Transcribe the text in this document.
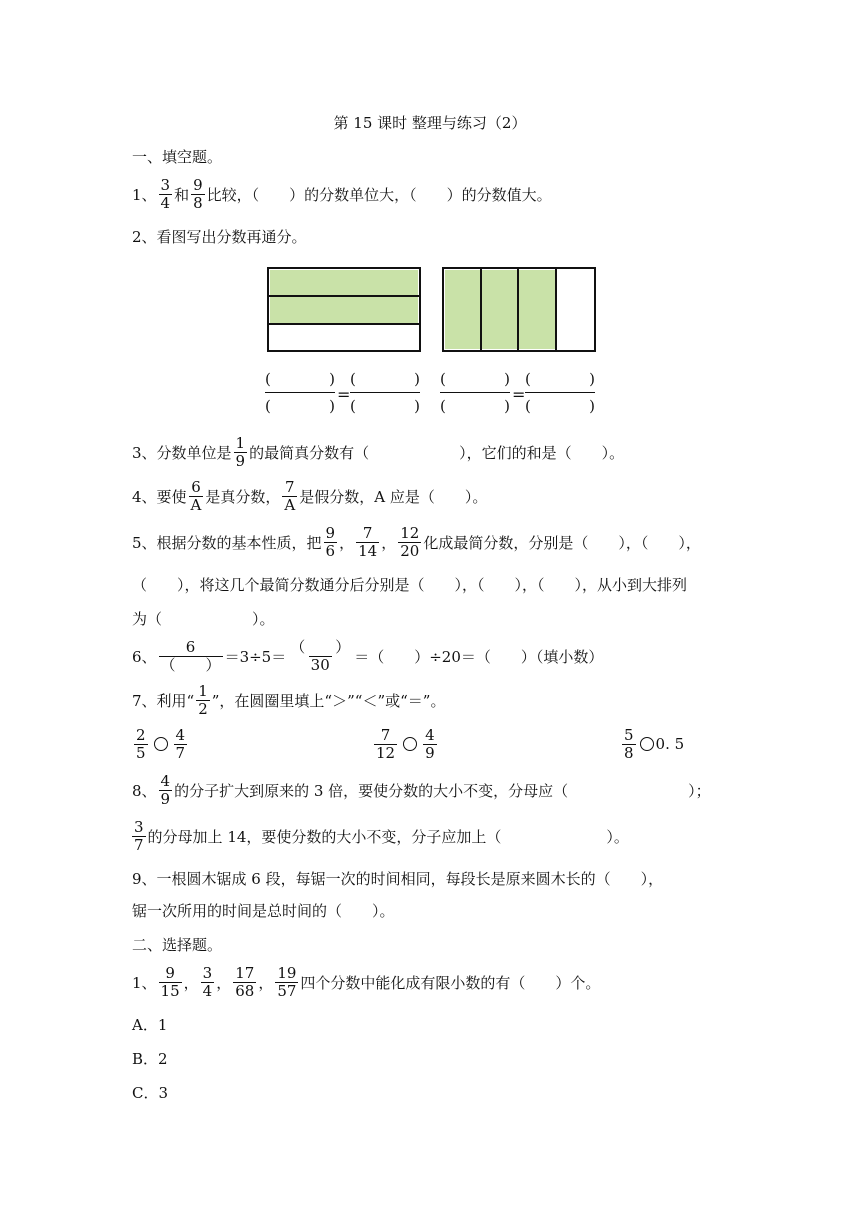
第 15 课时 整理与练习（2）
一、填空题。
1、 $\frac{3}{4}$ 和 $\frac{9}{8}$ 比较，（　　）的分数单位大，（　　）的分数值大。
2、看图写出分数再通分。
(	)
(	)
=
(	)
(	)
(	)
(	)
=
(	)
(	)
3、分数单位是 $\frac{1}{9}$ 的最简真分数有（　　　　　　），它们的和是（　　）。
4、要使 $\frac{6}{A}$ 是真分数， $\frac{7}{A}$ 是假分数，A 应是（　　）。
5、根据分数的基本性质，把 $\frac{9}{6}$ ， $\frac{7}{14}$ ， $\frac{12}{20}$ 化成最简分数，分别是（　　），（　　），
（　　），将这几个最简分数通分后分别是（　　），（　　），（　　），从小到大排列
为（　　　　　　）。
6、 $\frac{6}{( )} =3\div 5= \frac{( )}{30}$ ＝（　　）÷20＝（　　）（填小数）
7、利用“ $\frac{1}{2}$ ”，在圆圈里填上“＞”“＜”或“＝”。
$\frac{2}{5} \frac{4}{7}$	$\frac{7}{12} \frac{4}{9}$	$\frac{5}{8} 0$. 5
8、 $\frac{4}{9}$ 的分子扩大到原来的 3 倍，要使分数的大小不变，分母应（　　　　　　　　）；
$\frac{3}{7}$ 的分母加上 14，要使分数的大小不变，分子应加上（　　　　　　　）。
9、一根圆木锯成 6 段，每锯一次的时间相同，每段长是原来圆木长的（　　），
锯一次所用的时间是总时间的（　　）。
二、选择题。
1、 $\frac{9}{15}$ ， $\frac{3}{4}$ ， $\frac{17}{68}$ ， $\frac{19}{57}$ 四个分数中能化成有限小数的有（　　）个。
A．1
B．2
C．3
